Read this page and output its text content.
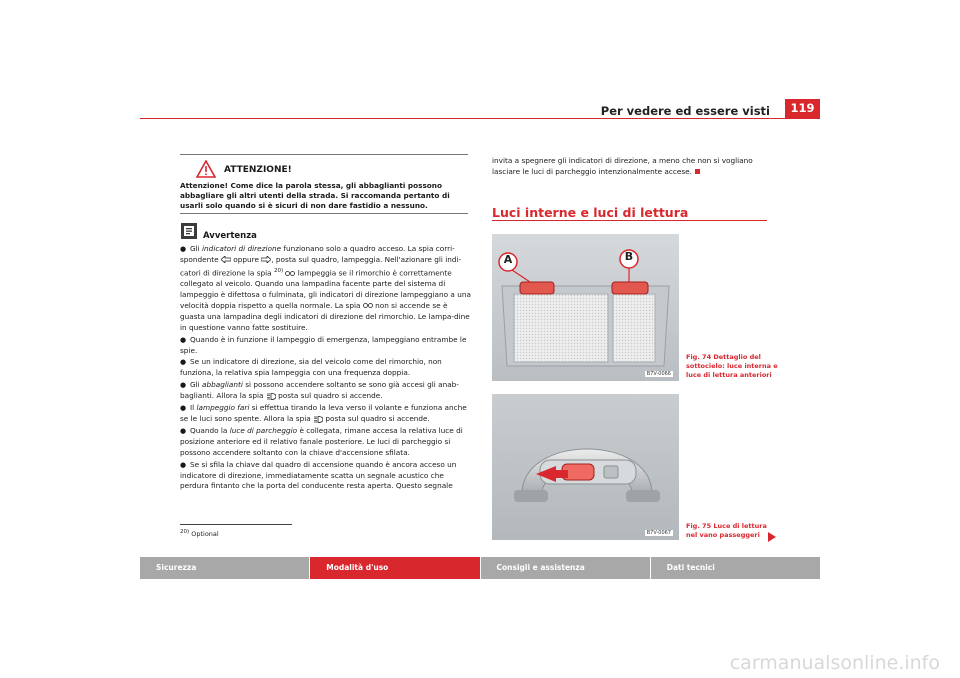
Per vedere ed essere visti	119
ATTENZIONE!
Attenzione! Come dice la parola stessa, gli abbaglianti possono abbagliare gli altri utenti della strada. Si raccomanda pertanto di usarli solo quando si è sicuri di non dare fastidio a nessuno.
Avvertenza

● Gli indicatori di direzione funzionano solo a quadro acceso. La spia corri-spondente
oppure
, posta sul quadro, lampeggia. Nell'azionare gli indi-catori di direzione la spia $^{20)}$
lampeggia se il rimorchio è correttamente collegato al veicolo. Quando una lampadina facente parte del sistema di lampeggio è difettosa o fulminata, gli indicatori di direzione lampeggiano a una velocità doppia rispetto a quella normale. La spia
non si accende se è guasta una lampadina degli indicatori di direzione del rimorchio. Le lampa-dine in questione vanno fatte sostituire.

● Quando è in funzione il lampeggio di emergenza, lampeggiano entrambe le spie.

● Se un indicatore di direzione, sia del veicolo come del rimorchio, non funziona, la relativa spia lampeggia con una frequenza doppia.

● Gli abbaglianti si possono accendere soltanto se sono già accesi gli anab-baglianti. Allora la spia
posta sul quadro si accende.

● Il lampeggio fari si effettua tirando la leva verso il volante e funziona anche se le luci sono spente. Allora la spia
posta sul quadro si accende.

● Quando la luce di parcheggio è collegata, rimane accesa la relativa luce di posizione anteriore ed il relativo fanale posteriore. Le luci di parcheggio si possono accendere soltanto con la chiave d'accensione sfilata.

● Se si sfila la chiave dal quadro di accensione quando è ancora acceso un indicatore di direzione, immediatamente scatta un segnale acustico che perdura fintanto che la porta del conducente resta aperta. Questo segnale

$^{20)}$ Optional
invita a spegnere gli indicatori di direzione, a meno che non si vogliano lasciare le luci di parcheggio intenzionalmente accese.
Luci interne e luci di lettura
A	B
B7V-0066
Fig. 74 Dettaglio del sottocielo: luce interna e luce di lettura anteriori
B7V-0067
Fig. 75 Luce di lettura nel vano passeggeri
Sicurezza	Modalità d'uso	Consigli e assistenza	Dati tecnici
carmanualsonline.info
